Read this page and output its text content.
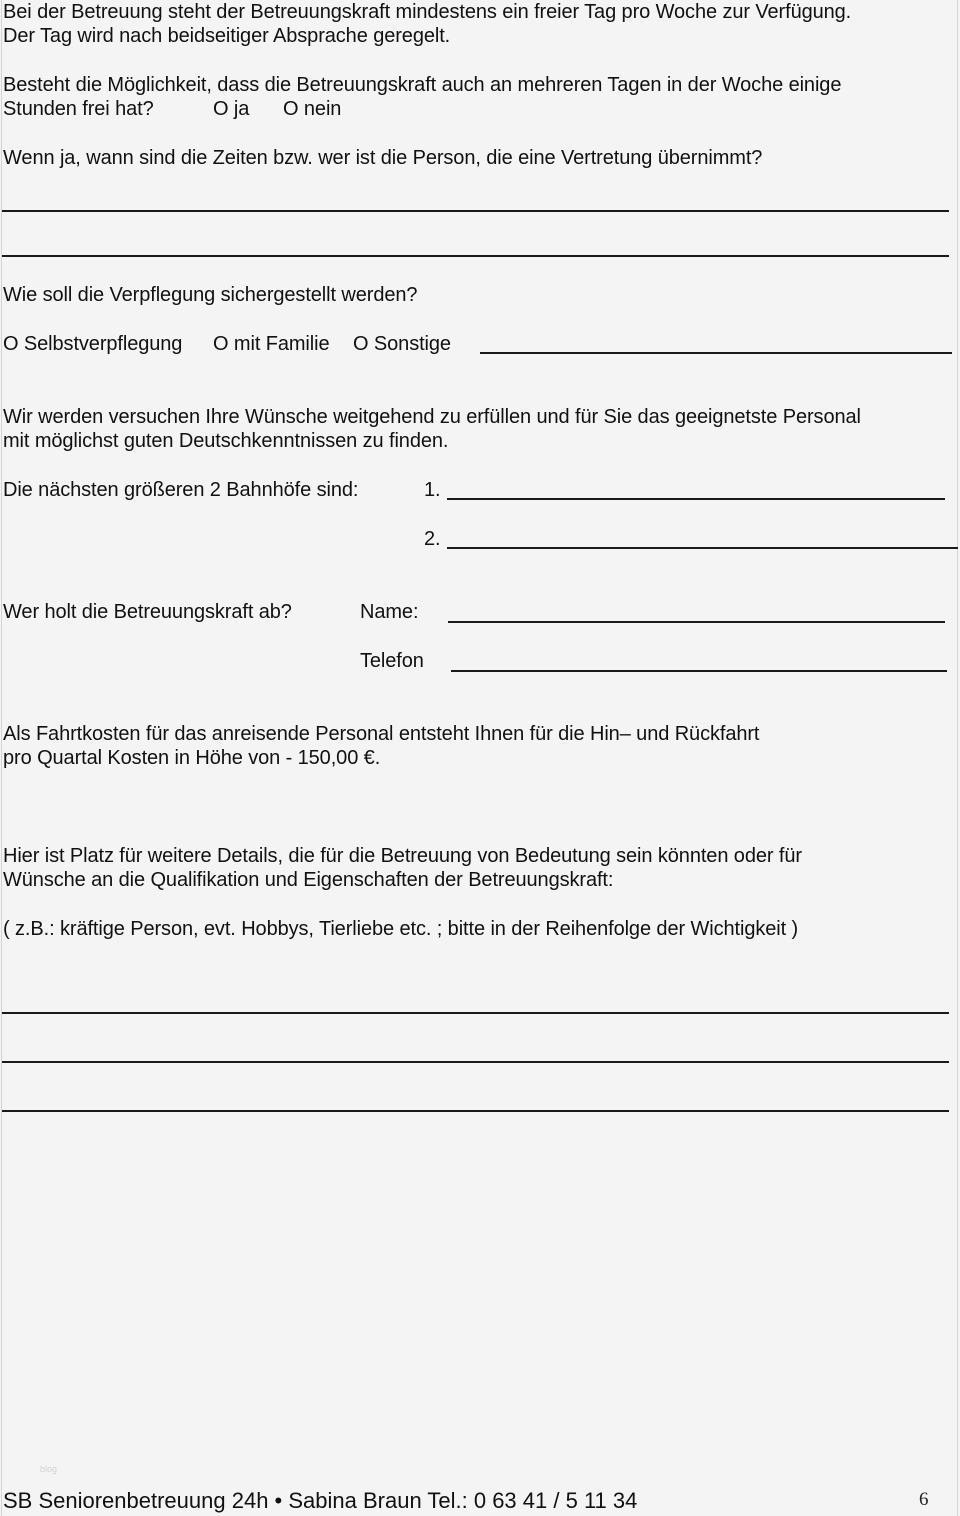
Bei der Betreuung steht der Betreuungskraft mindestens ein freier Tag pro Woche zur Verfügung.
Der Tag wird nach beidseitiger Absprache geregelt.
Besteht die Möglichkeit, dass die Betreuungskraft auch an mehreren Tagen in der Woche einige
Stunden frei hat?	O ja O nein
Wenn ja, wann sind die Zeiten bzw. wer ist die Person, die eine Vertretung übernimmt?
Wie soll die Verpflegung sichergestellt werden?
O Selbstverpflegung O mit Familie O Sonstige
Wir werden versuchen Ihre Wünsche weitgehend zu erfüllen und für Sie das geeignetste Personal
mit möglichst guten Deutschkenntnissen zu finden.
Die nächsten größeren 2 Bahnhöfe sind:	1.
2.
Wer holt die Betreuungskraft ab?	Name:
Telefon
Als Fahrtkosten für das anreisende Personal entsteht Ihnen für die Hin– und Rückfahrt
pro Quartal Kosten in Höhe von - 150,00 €.
Hier ist Platz für weitere Details, die für die Betreuung von Bedeutung sein könnten oder für
Wünsche an die Qualifikation und Eigenschaften der Betreuungskraft:
( z.B.: kräftige Person, evt. Hobbys, Tierliebe etc. ; bitte in der Reihenfolge der Wichtigkeit )
blog
SB Seniorenbetreuung 24h • Sabina Braun Tel.: 0 63 41 / 5 11 34	6
